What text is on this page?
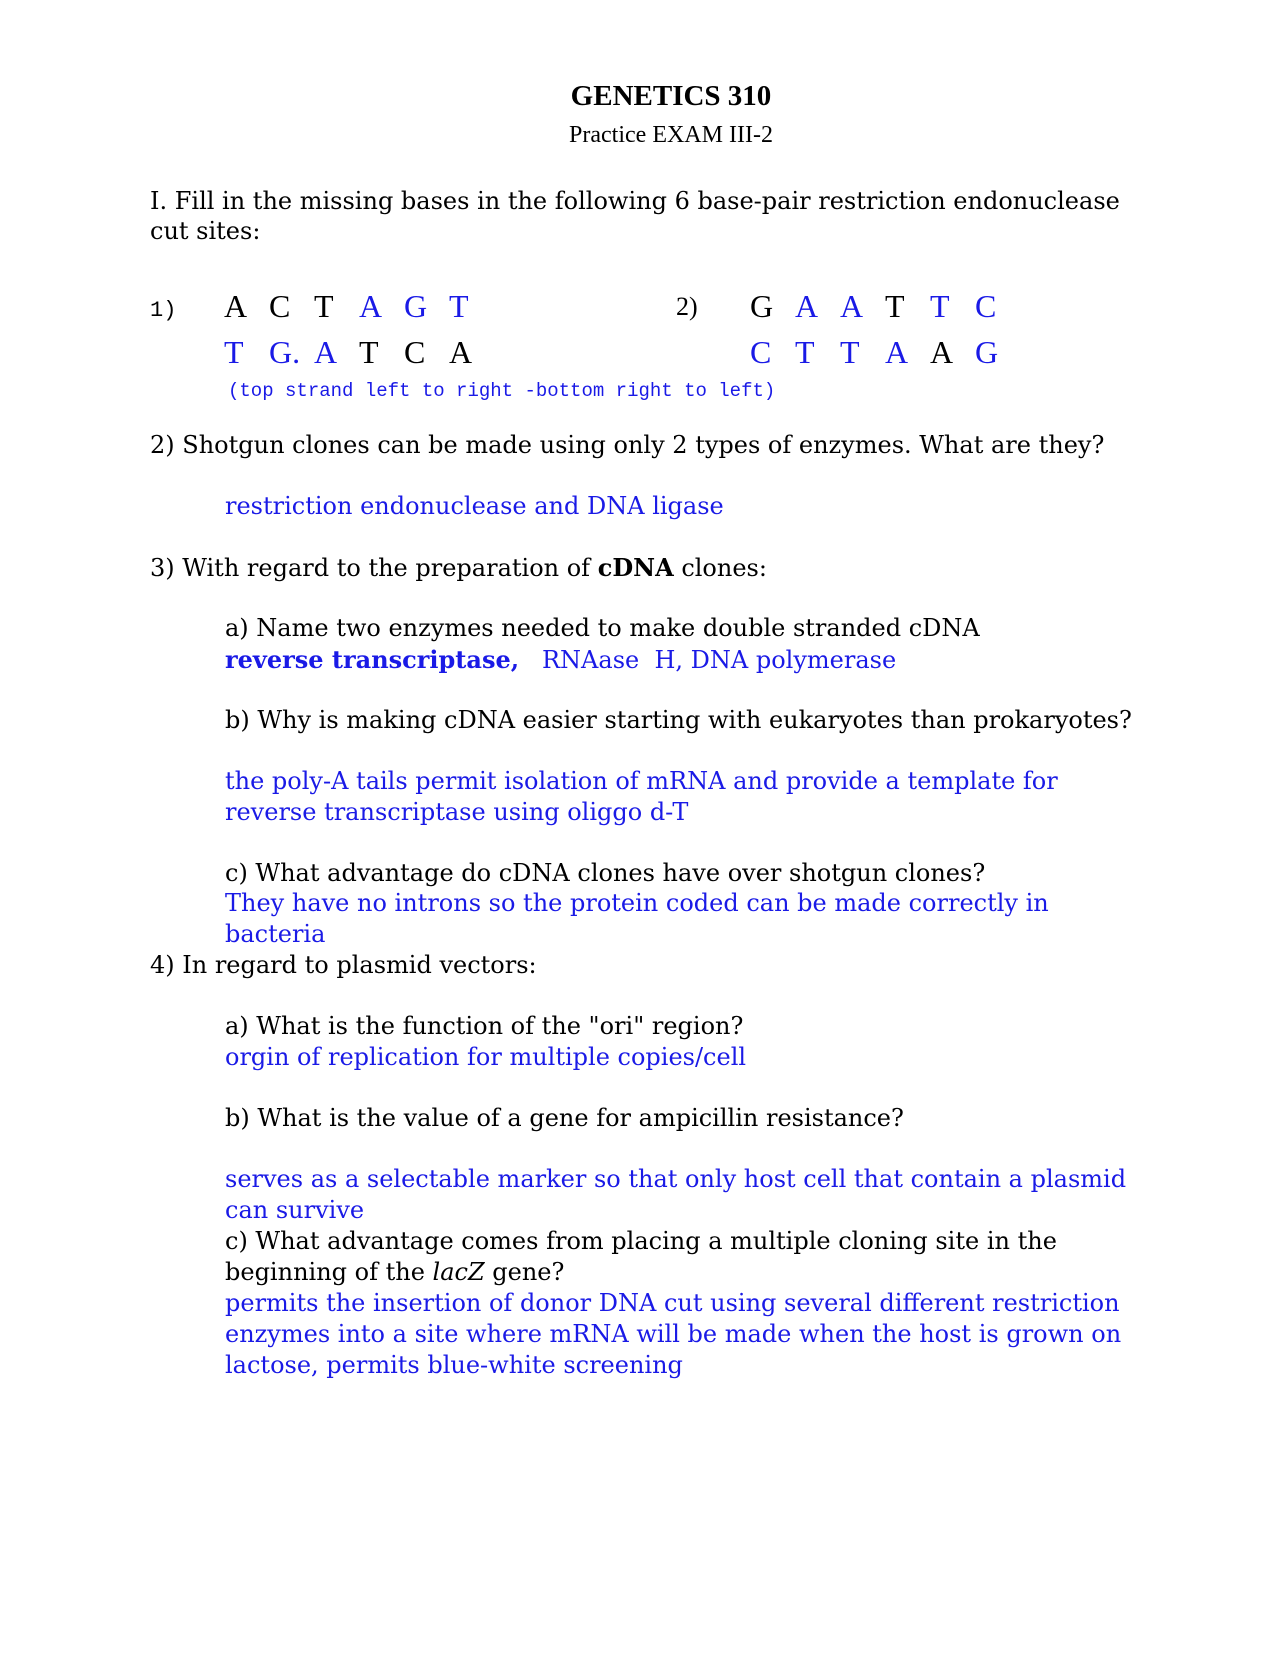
GENETICS 310
Practice EXAM III-2
I. Fill in the missing bases in the following 6 base-pair restriction endonuclease
cut sites:
1) A C T A G T
T G. A T C A
2) G A A T T C
C T T A A G
(top strand left to right -bottom right to left)
2) Shotgun clones can be made using only 2 types of enzymes. What are they?
restriction endonuclease and DNA ligase
3) With regard to the preparation of cDNA clones:
a) Name two enzymes needed to make double stranded cDNA
reverse transcriptase,   RNAase  H, DNA polymerase
b) Why is making cDNA easier starting with eukaryotes than prokaryotes?
the poly-A tails permit isolation of mRNA and provide a template for
reverse transcriptase using oliggo d-T
c) What advantage do cDNA clones have over shotgun clones?
They have no introns so the protein coded can be made correctly in
bacteria
4) In regard to plasmid vectors:
a) What is the function of the "ori" region?
orgin of replication for multiple copies/cell
b) What is the value of a gene for ampicillin resistance?
serves as a selectable marker so that only host cell that contain a plasmid
can survive
c) What advantage comes from placing a multiple cloning site in the
beginning of the lacZ gene?
permits the insertion of donor DNA cut using several different restriction
enzymes into a site where mRNA will be made when the host is grown on
lactose, permits blue-white screening
